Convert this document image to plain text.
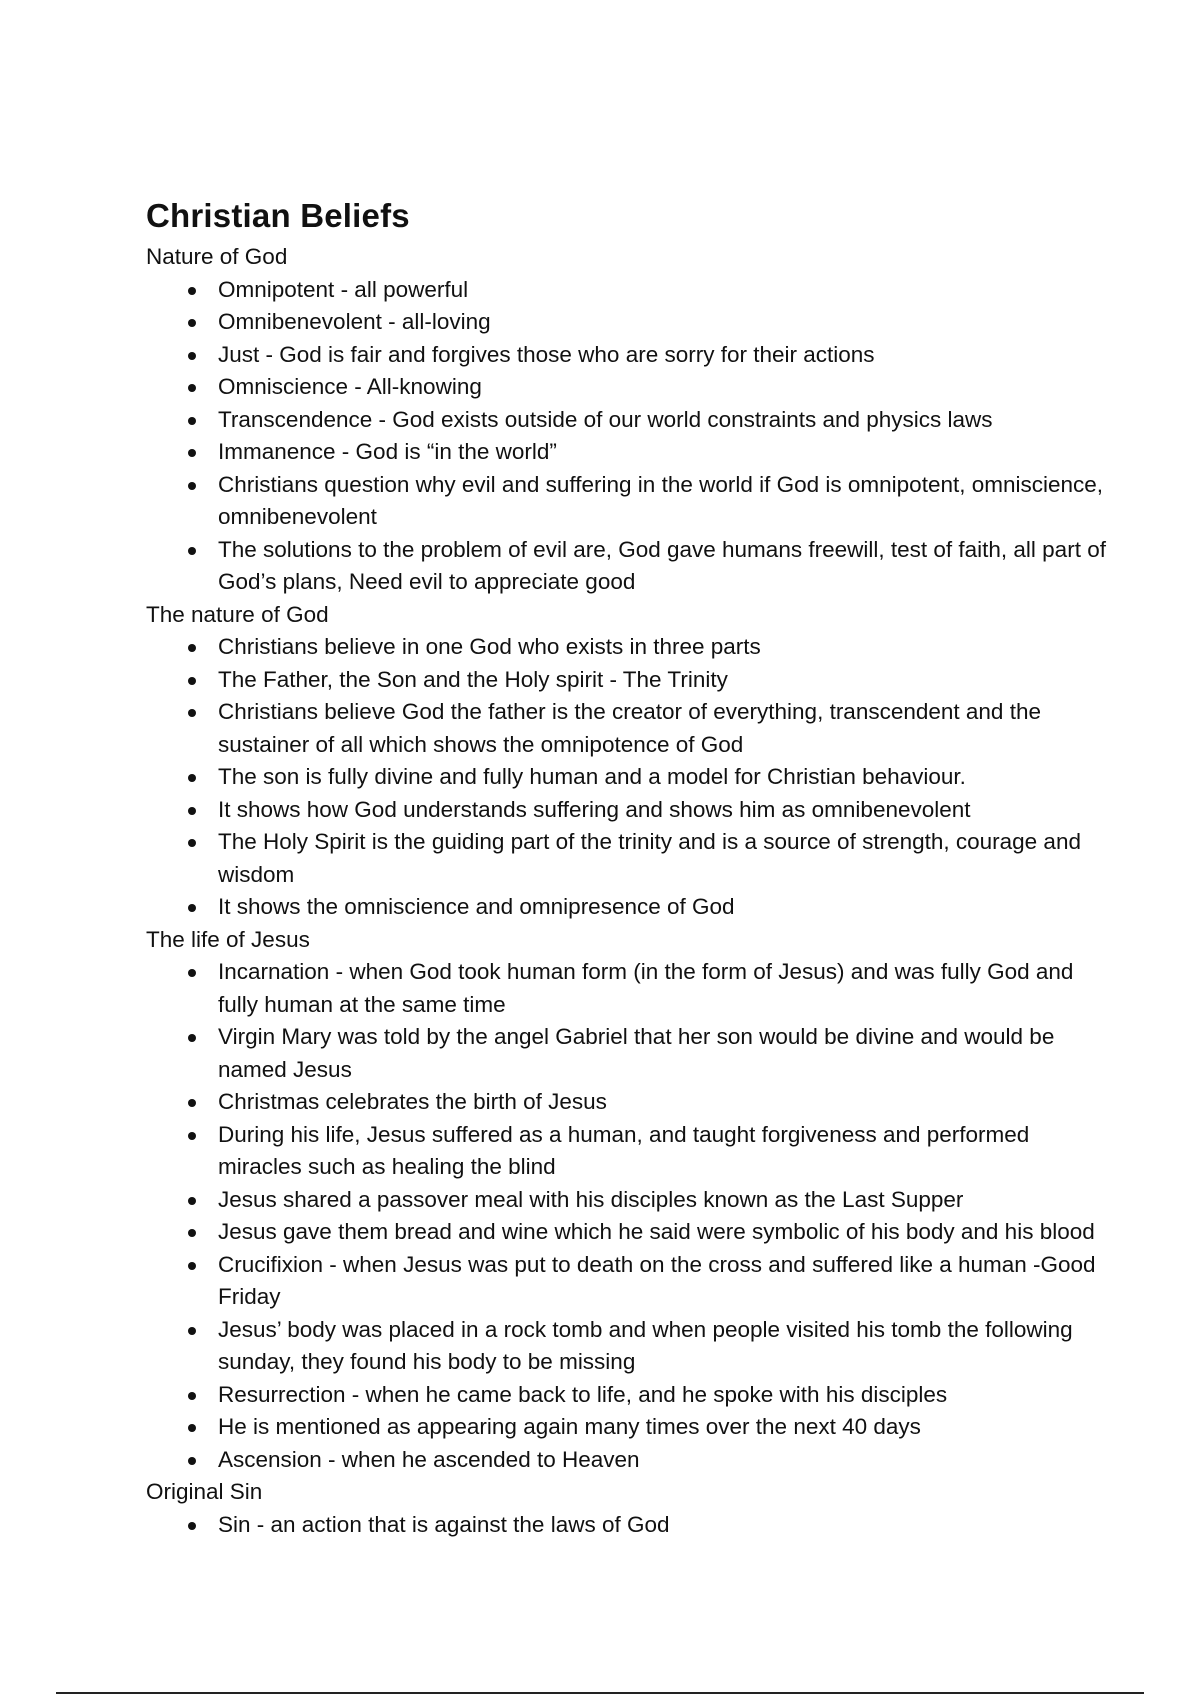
Christian Beliefs
Nature of God
Omnipotent - all powerful
Omnibenevolent - all-loving
Just - God is fair and forgives those who are sorry for their actions
Omniscience - All-knowing
Transcendence - God exists outside of our world constraints and physics laws
Immanence - God is “in the world”
Christians question why evil and suffering in the world if God is omnipotent, omniscience, omnibenevolent
The solutions to the problem of evil are, God gave humans freewill, test of faith, all part of God’s plans, Need evil to appreciate good
The nature of God
Christians believe in one God who exists in three parts
The Father, the Son and the Holy spirit - The Trinity
Christians believe God the father is the creator of everything, transcendent and the sustainer of all which shows the omnipotence of God
The son is fully divine and fully human and a model for Christian behaviour.
It shows how God understands suffering and shows him as omnibenevolent
The Holy Spirit is the guiding part of the trinity and is a source of strength, courage and wisdom
It shows the omniscience and omnipresence of God
The life of Jesus
Incarnation - when God took human form (in the form of Jesus) and was fully God and fully human at the same time
Virgin Mary was told by the angel Gabriel that her son would be divine and would be named Jesus
Christmas celebrates the birth of Jesus
During his life, Jesus suffered as a human, and taught forgiveness and performed miracles such as healing the blind
Jesus shared a passover meal with his disciples known as the Last Supper
Jesus gave them bread and wine which he said were symbolic of his body and his blood
Crucifixion - when Jesus was put to death on the cross and suffered like a human -Good Friday
Jesus’ body was placed in a rock tomb and when people visited his tomb the following sunday, they found his body to be missing
Resurrection - when he came back to life, and he spoke with his disciples
He is mentioned as appearing again many times over the next 40 days
Ascension - when he ascended to Heaven
Original Sin
Sin - an action that is against the laws of God
